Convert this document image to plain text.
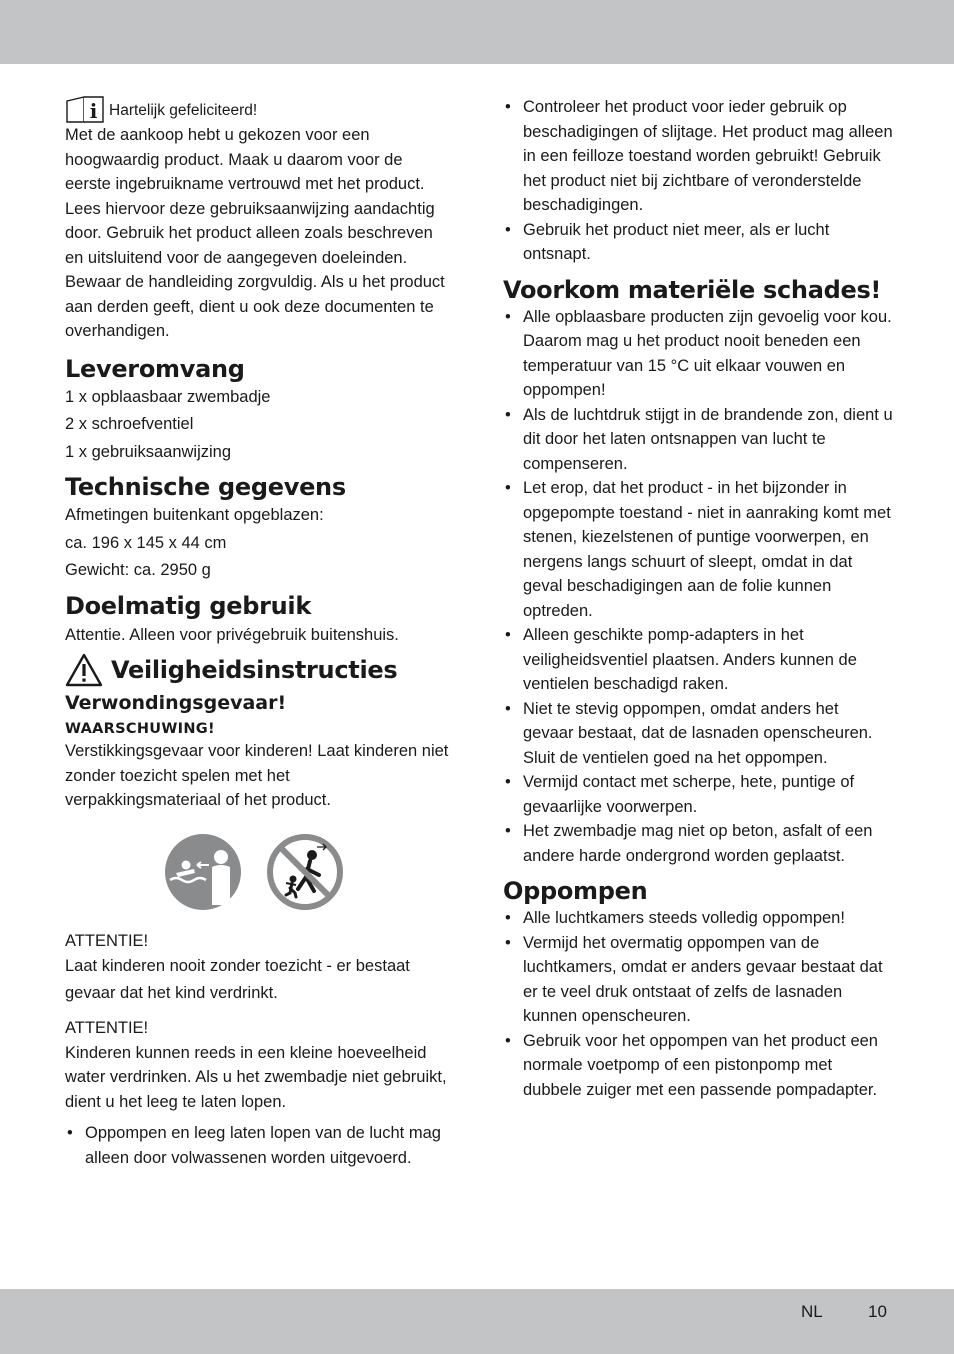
i Hartelijk gefeliciteerd!

Met de aankoop hebt u gekozen voor een hoogwaardig product. Maak u daarom voor de eerste ingebruikname vertrouwd met het product. Lees hiervoor deze gebruiksaanwijzing aandachtig door. Gebruik het product alleen zoals beschreven en uitsluitend voor de aangegeven doeleinden. Bewaar de handleiding zorgvuldig. Als u het product aan derden geeft, dient u ook deze documenten te overhandigen.

Leveromvang

1 x opblaasbaar zwembadje

2 x schroefventiel

1 x gebruiksaanwijzing

Technische gegevens

Afmetingen buitenkant opgeblazen:

ca. 196 x 145 x 44 cm

Gewicht: ca. 2950 g

Doelmatig gebruik

Attentie. Alleen voor privégebruik buitenshuis.

Veiligheidsinstructies
Verwondingsgevaar!
WAARSCHUWING!

Verstikkingsgevaar voor kinderen! Laat kinderen niet zonder toezicht spelen met het verpakkingsmateriaal of het product.

ATTENTIE!

Laat kinderen nooit zonder toezicht - er bestaat gevaar dat het kind verdrinkt.

ATTENTIE!

Kinderen kunnen reeds in een kleine hoeveelheid water verdrinken. Als u het zwembadje niet gebruikt, dient u het leeg te laten lopen.

• Oppompen en leeg laten lopen van de lucht mag alleen door volwassenen worden uitgevoerd.
• Controleer het product voor ieder gebruik op beschadigingen of slijtage. Het product mag alleen in een feilloze toestand worden gebruikt! Gebruik het product niet bij zichtbare of veronderstelde beschadigingen.
• Gebruik het product niet meer, als er lucht ontsnapt.
Voorkom materiële schades!
• Alle opblaasbare producten zijn gevoelig voor kou. Daarom mag u het product nooit beneden een temperatuur van 15 °C uit elkaar vouwen en oppompen!
• Als de luchtdruk stijgt in de brandende zon, dient u dit door het laten ontsnappen van lucht te compenseren.
• Let erop, dat het product - in het bijzonder in opgepompte toestand - niet in aanraking komt met stenen, kiezelstenen of puntige voorwerpen, en nergens langs schuurt of sleept, omdat in dat geval beschadigingen aan de folie kunnen optreden.
• Alleen geschikte pomp-adapters in het veiligheidsventiel plaatsen. Anders kunnen de ventielen beschadigd raken.
• Niet te stevig oppompen, omdat anders het gevaar bestaat, dat de lasnaden openscheuren. Sluit de ventielen goed na het oppompen.
• Vermijd contact met scherpe, hete, puntige of gevaarlijke voorwerpen.
• Het zwembadje mag niet op beton, asfalt of een andere harde ondergrond worden geplaatst.
Oppompen
• Alle luchtkamers steeds volledig oppompen!
• Vermijd het overmatig oppompen van de luchtkamers, omdat er anders gevaar bestaat dat er te veel druk ontstaat of zelfs de lasnaden kunnen openscheuren.
• Gebruik voor het oppompen van het product een normale voetpomp of een pistonpomp met dubbele zuiger met een passende pompadapter.
NL	10
